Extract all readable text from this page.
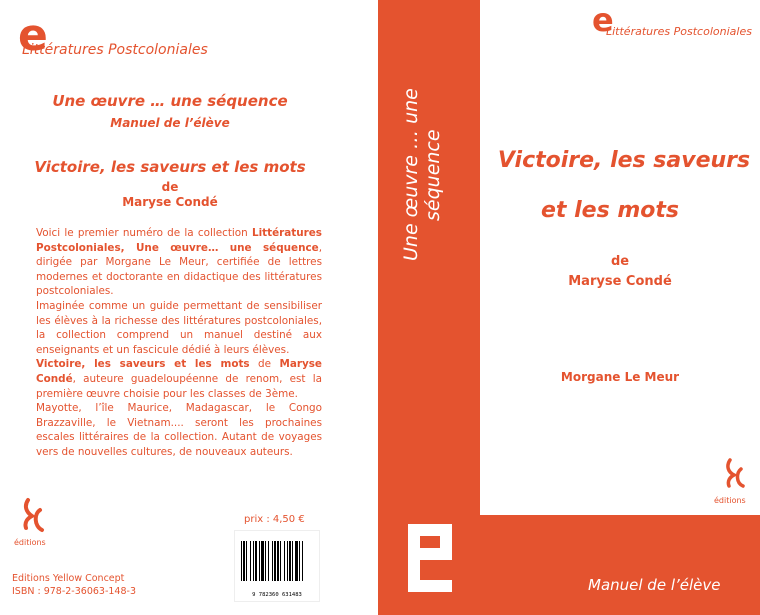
e
Littératures Postcoloniales
Une œuvre … une séquence
Manuel de l’élève
Victoire, les saveurs et les mots
de
Maryse Condé

Voici le premier numéro de la collection Littératures Postcoloniales, Une œuvre… une séquence, dirigée par Morgane Le Meur, certifiée de lettres modernes et doctorante en didactique des littératures postcoloniales.

Imaginée comme un guide permettant de sensibiliser les élèves à la richesse des littératures postcoloniales, la collection comprend un manuel destiné aux enseignants et un fascicule dédié à leurs élèves.

Victoire, les saveurs et les mots de Maryse Condé, auteure guadeloupéenne de renom, est la première œuvre choisie pour les classes de 3ème.

Mayotte, l’île Maurice, Madagascar, le Congo Brazzaville, le Vietnam.... seront les prochaines escales littéraires de la collection. Autant de voyages vers de nouvelles cultures, de nouveaux auteurs.

éditions
prix : 4,50 €
9 782360 631483
Editions Yellow Concept
ISBN : 978-2-36063-148-3
Une œuvre … une séquence
e
Littératures Postcoloniales
Victoire, les saveurs
et les mots
de
Maryse Condé
Morgane Le Meur
éditions
Manuel de l’élève
